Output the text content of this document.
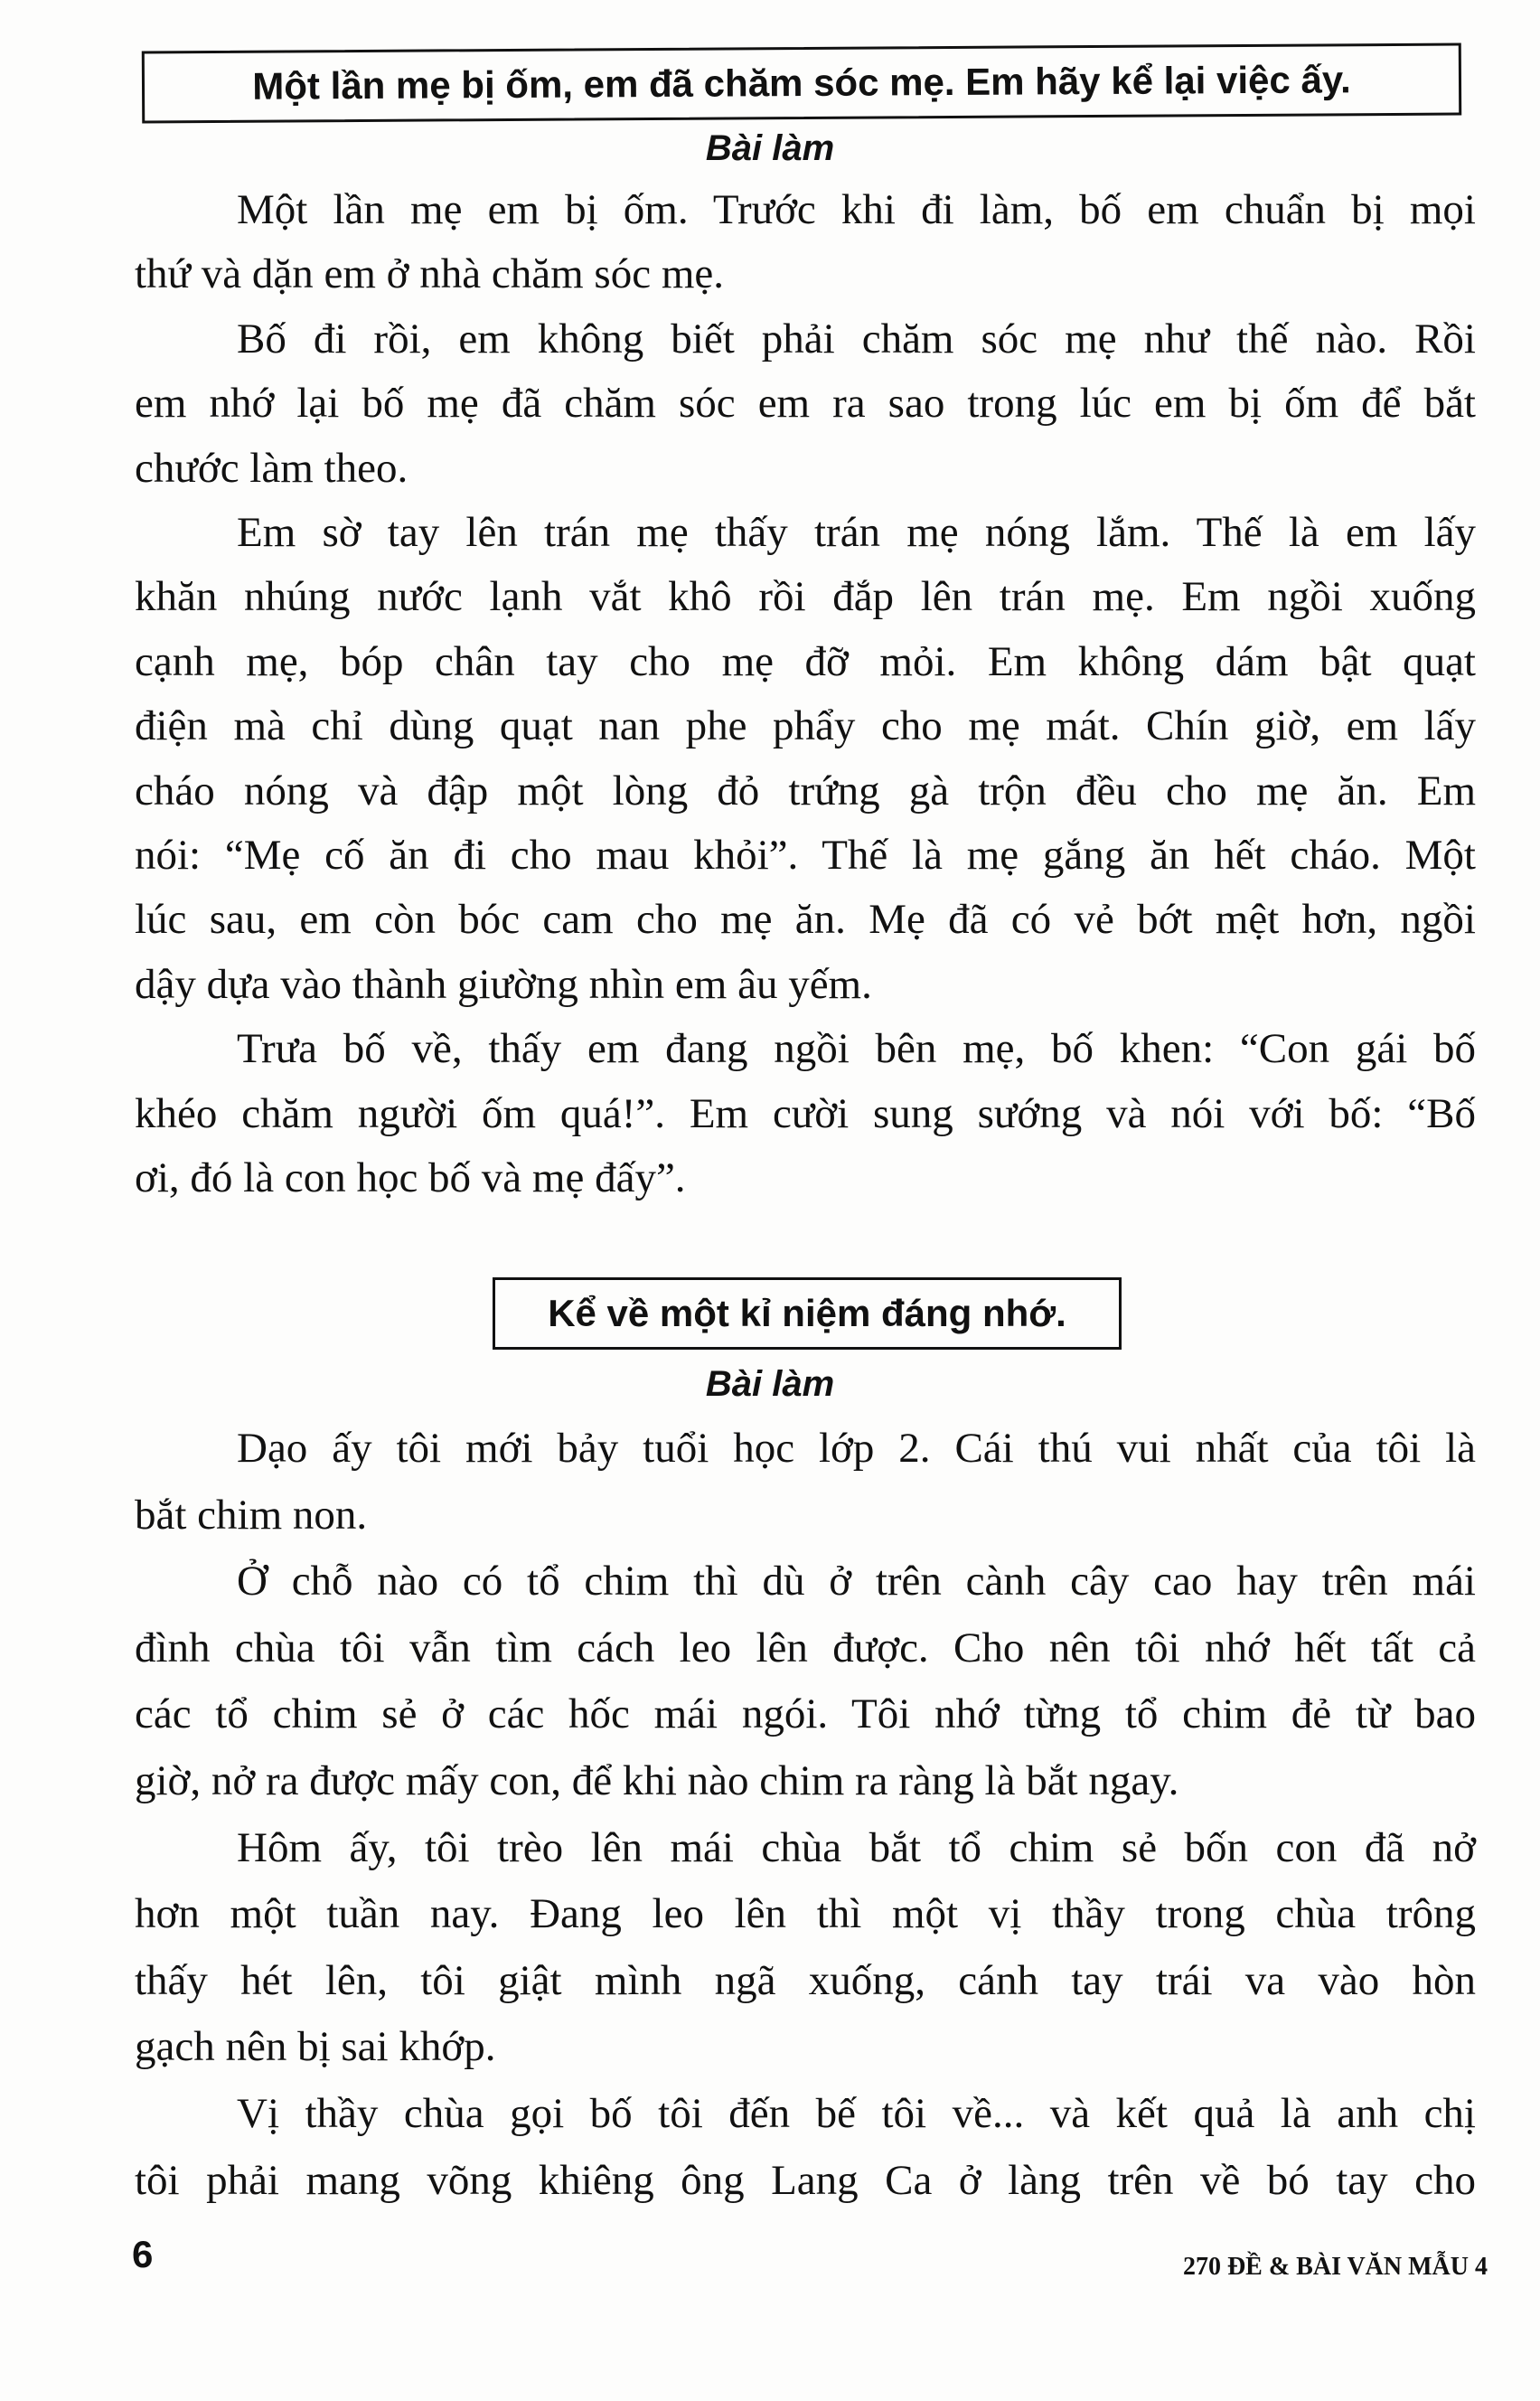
Một lần mẹ bị ốm, em đã chăm sóc mẹ. Em hãy kể lại việc ấy.
Bài làm
Một lần mẹ em bị ốm. Trước khi đi làm, bố em chuẩn bị mọi
thứ và dặn em ở nhà chăm sóc mẹ.
Bố đi rồi, em không biết phải chăm sóc mẹ như thế nào. Rồi
em nhớ lại bố mẹ đã chăm sóc em ra sao trong lúc em bị ốm để bắt
chước làm theo.
Em sờ tay lên trán mẹ thấy trán mẹ nóng lắm. Thế là em lấy
khăn nhúng nước lạnh vắt khô rồi đắp lên trán mẹ. Em ngồi xuống
cạnh mẹ, bóp chân tay cho mẹ đỡ mỏi. Em không dám bật quạt
điện mà chỉ dùng quạt nan phe phẩy cho mẹ mát. Chín giờ, em lấy
cháo nóng và đập một lòng đỏ trứng gà trộn đều cho mẹ ăn. Em
nói: “Mẹ cố ăn đi cho mau khỏi”. Thế là mẹ gắng ăn hết cháo. Một
lúc sau, em còn bóc cam cho mẹ ăn. Mẹ đã có vẻ bớt mệt hơn, ngồi
dậy dựa vào thành giường nhìn em âu yếm.
Trưa bố về, thấy em đang ngồi bên mẹ, bố khen: “Con gái bố
khéo chăm người ốm quá!”. Em cười sung sướng và nói với bố: “Bố
ơi, đó là con học bố và mẹ đấy”.
Kể về một kỉ niệm đáng nhớ.
Bài làm
Dạo ấy tôi mới bảy tuổi học lớp 2. Cái thú vui nhất của tôi là
bắt chim non.
Ở chỗ nào có tổ chim thì dù ở trên cành cây cao hay trên mái
đình chùa tôi vẫn tìm cách leo lên được. Cho nên tôi nhớ hết tất cả
các tổ chim sẻ ở các hốc mái ngói. Tôi nhớ từng tổ chim đẻ từ bao
giờ, nở ra được mấy con, để khi nào chim ra ràng là bắt ngay.
Hôm ấy, tôi trèo lên mái chùa bắt tổ chim sẻ bốn con đã nở
hơn một tuần nay. Đang leo lên thì một vị thầy trong chùa trông
thấy hét lên, tôi giật mình ngã xuống, cánh tay trái va vào hòn
gạch nên bị sai khớp.
Vị thầy chùa gọi bố tôi đến bế tôi về... và kết quả là anh chị
tôi phải mang võng khiêng ông Lang Ca ở làng trên về bó tay cho
6	270 ĐỀ & BÀI VĂN MẪU 4
